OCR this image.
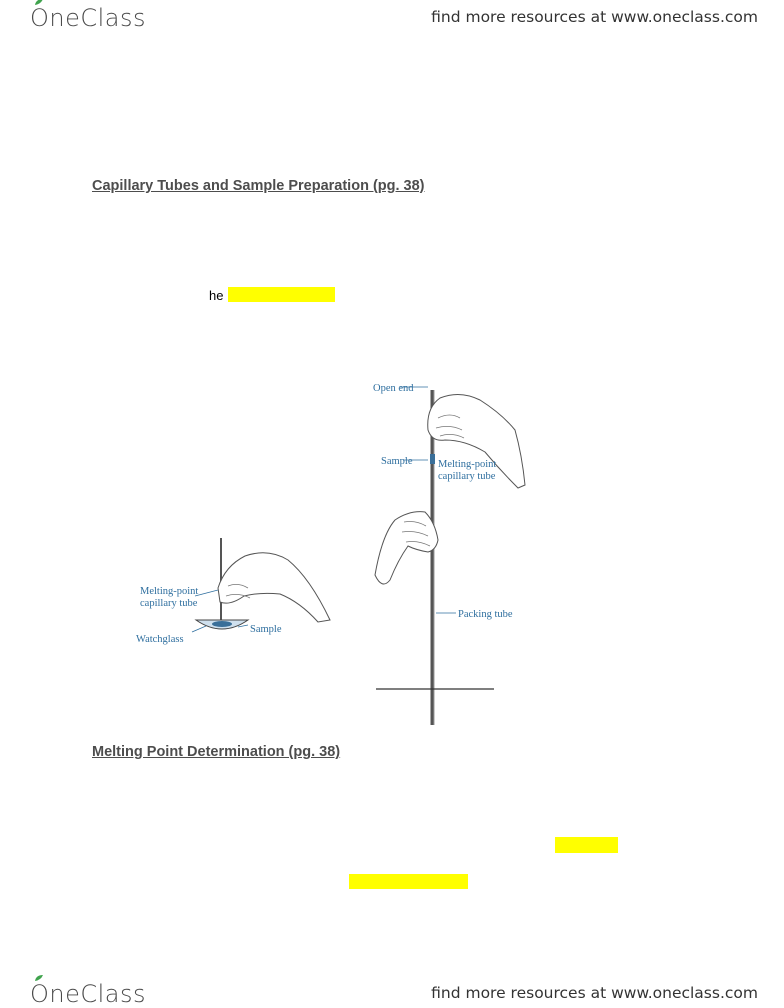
OneClass	find more resources at www.oneclass.com
Capillary Tubes and Sample Preparation (pg. 38)
he
Open end
Sample Melting-point
capillary tube
Packing tube
Melting-point
capillary tube
Sample
Watchglass
Melting Point Determination (pg. 38)
OneClass	find more resources at www.oneclass.com
